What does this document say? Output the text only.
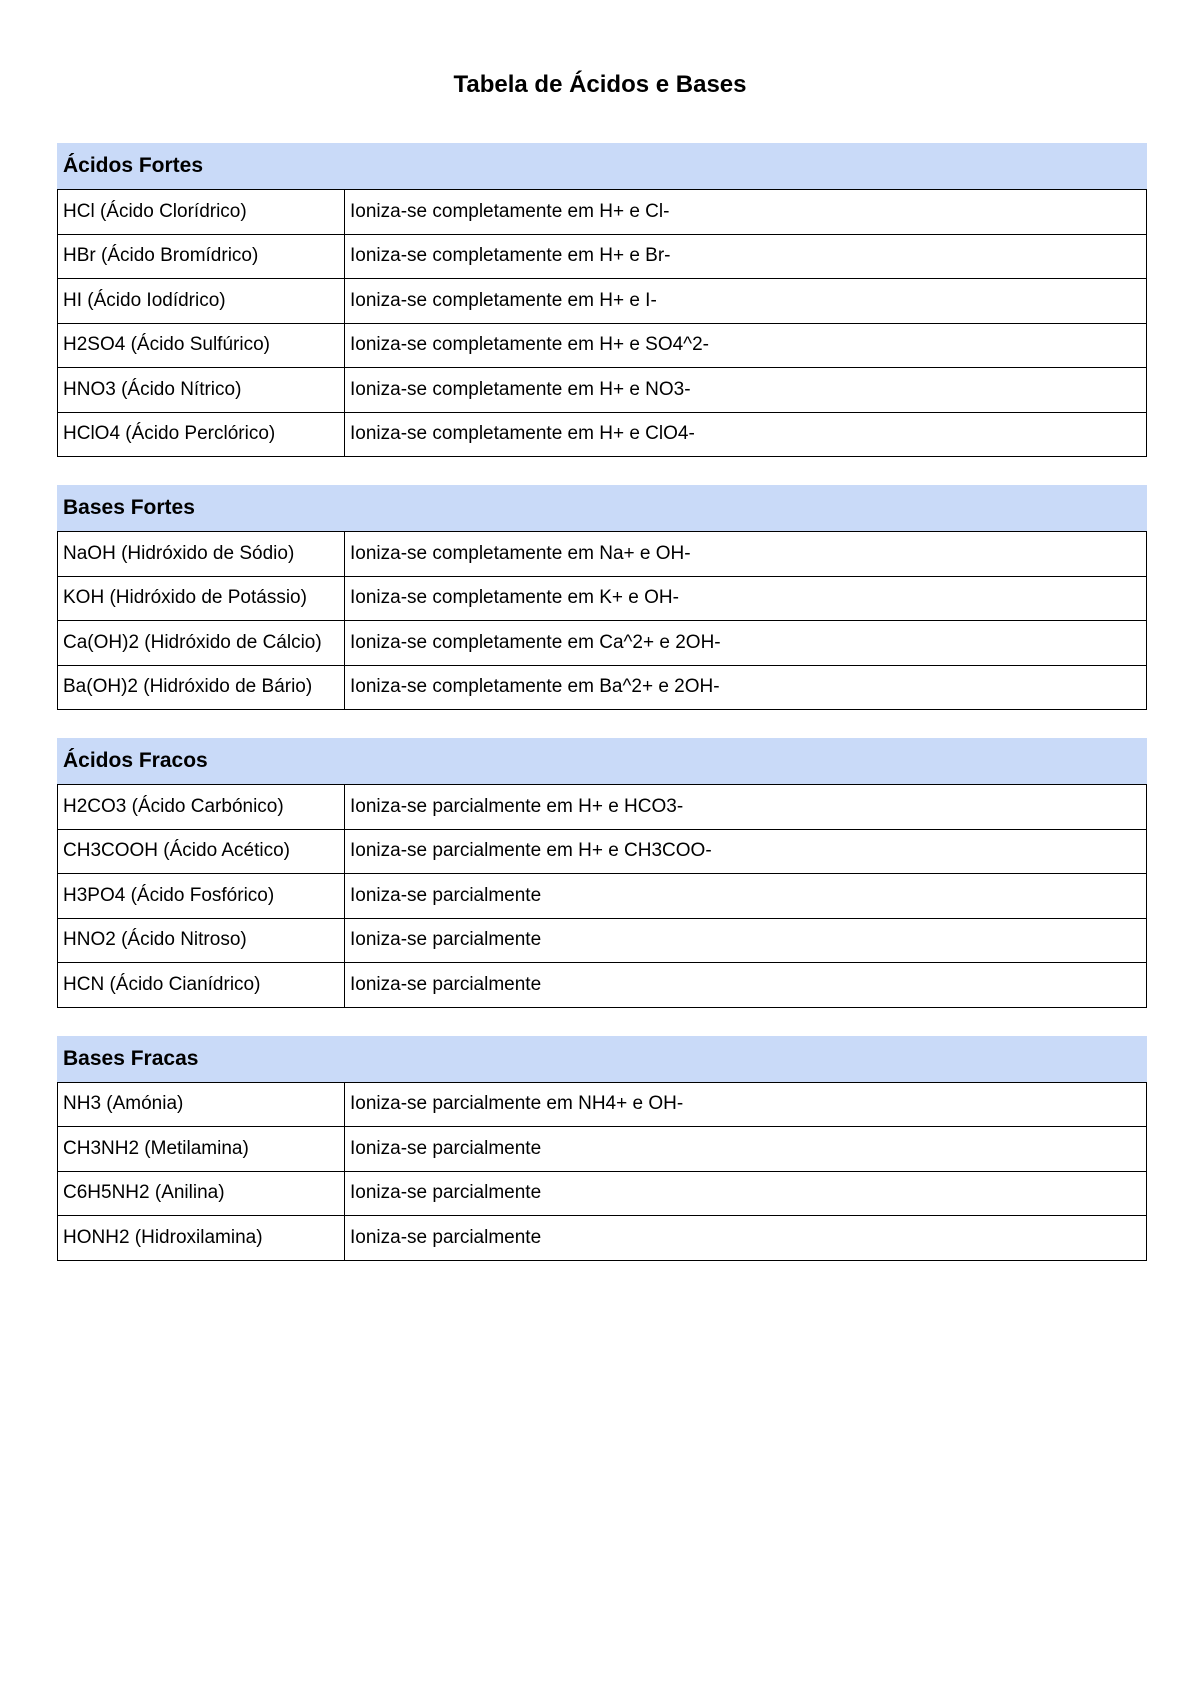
Tabela de Ácidos e Bases
Ácidos Fortes
HCl (Ácido Clorídrico)	Ioniza-se completamente em H+ e Cl-
HBr (Ácido Bromídrico)	Ioniza-se completamente em H+ e Br-
HI (Ácido Iodídrico)	Ioniza-se completamente em H+ e I-
H2SO4 (Ácido Sulfúrico)	Ioniza-se completamente em H+ e SO4^2-
HNO3 (Ácido Nítrico)	Ioniza-se completamente em H+ e NO3-
HClO4 (Ácido Perclórico)	Ioniza-se completamente em H+ e ClO4-
Bases Fortes
NaOH (Hidróxido de Sódio)	Ioniza-se completamente em Na+ e OH-
KOH (Hidróxido de Potássio)	Ioniza-se completamente em K+ e OH-
Ca(OH)2 (Hidróxido de Cálcio)	Ioniza-se completamente em Ca^2+ e 2OH-
Ba(OH)2 (Hidróxido de Bário)	Ioniza-se completamente em Ba^2+ e 2OH-
Ácidos Fracos
H2CO3 (Ácido Carbónico)	Ioniza-se parcialmente em H+ e HCO3-
CH3COOH (Ácido Acético)	Ioniza-se parcialmente em H+ e CH3COO-
H3PO4 (Ácido Fosfórico)	Ioniza-se parcialmente
HNO2 (Ácido Nitroso)	Ioniza-se parcialmente
HCN (Ácido Cianídrico)	Ioniza-se parcialmente
Bases Fracas
NH3 (Amónia)	Ioniza-se parcialmente em NH4+ e OH-
CH3NH2 (Metilamina)	Ioniza-se parcialmente
C6H5NH2 (Anilina)	Ioniza-se parcialmente
HONH2 (Hidroxilamina)	Ioniza-se parcialmente
